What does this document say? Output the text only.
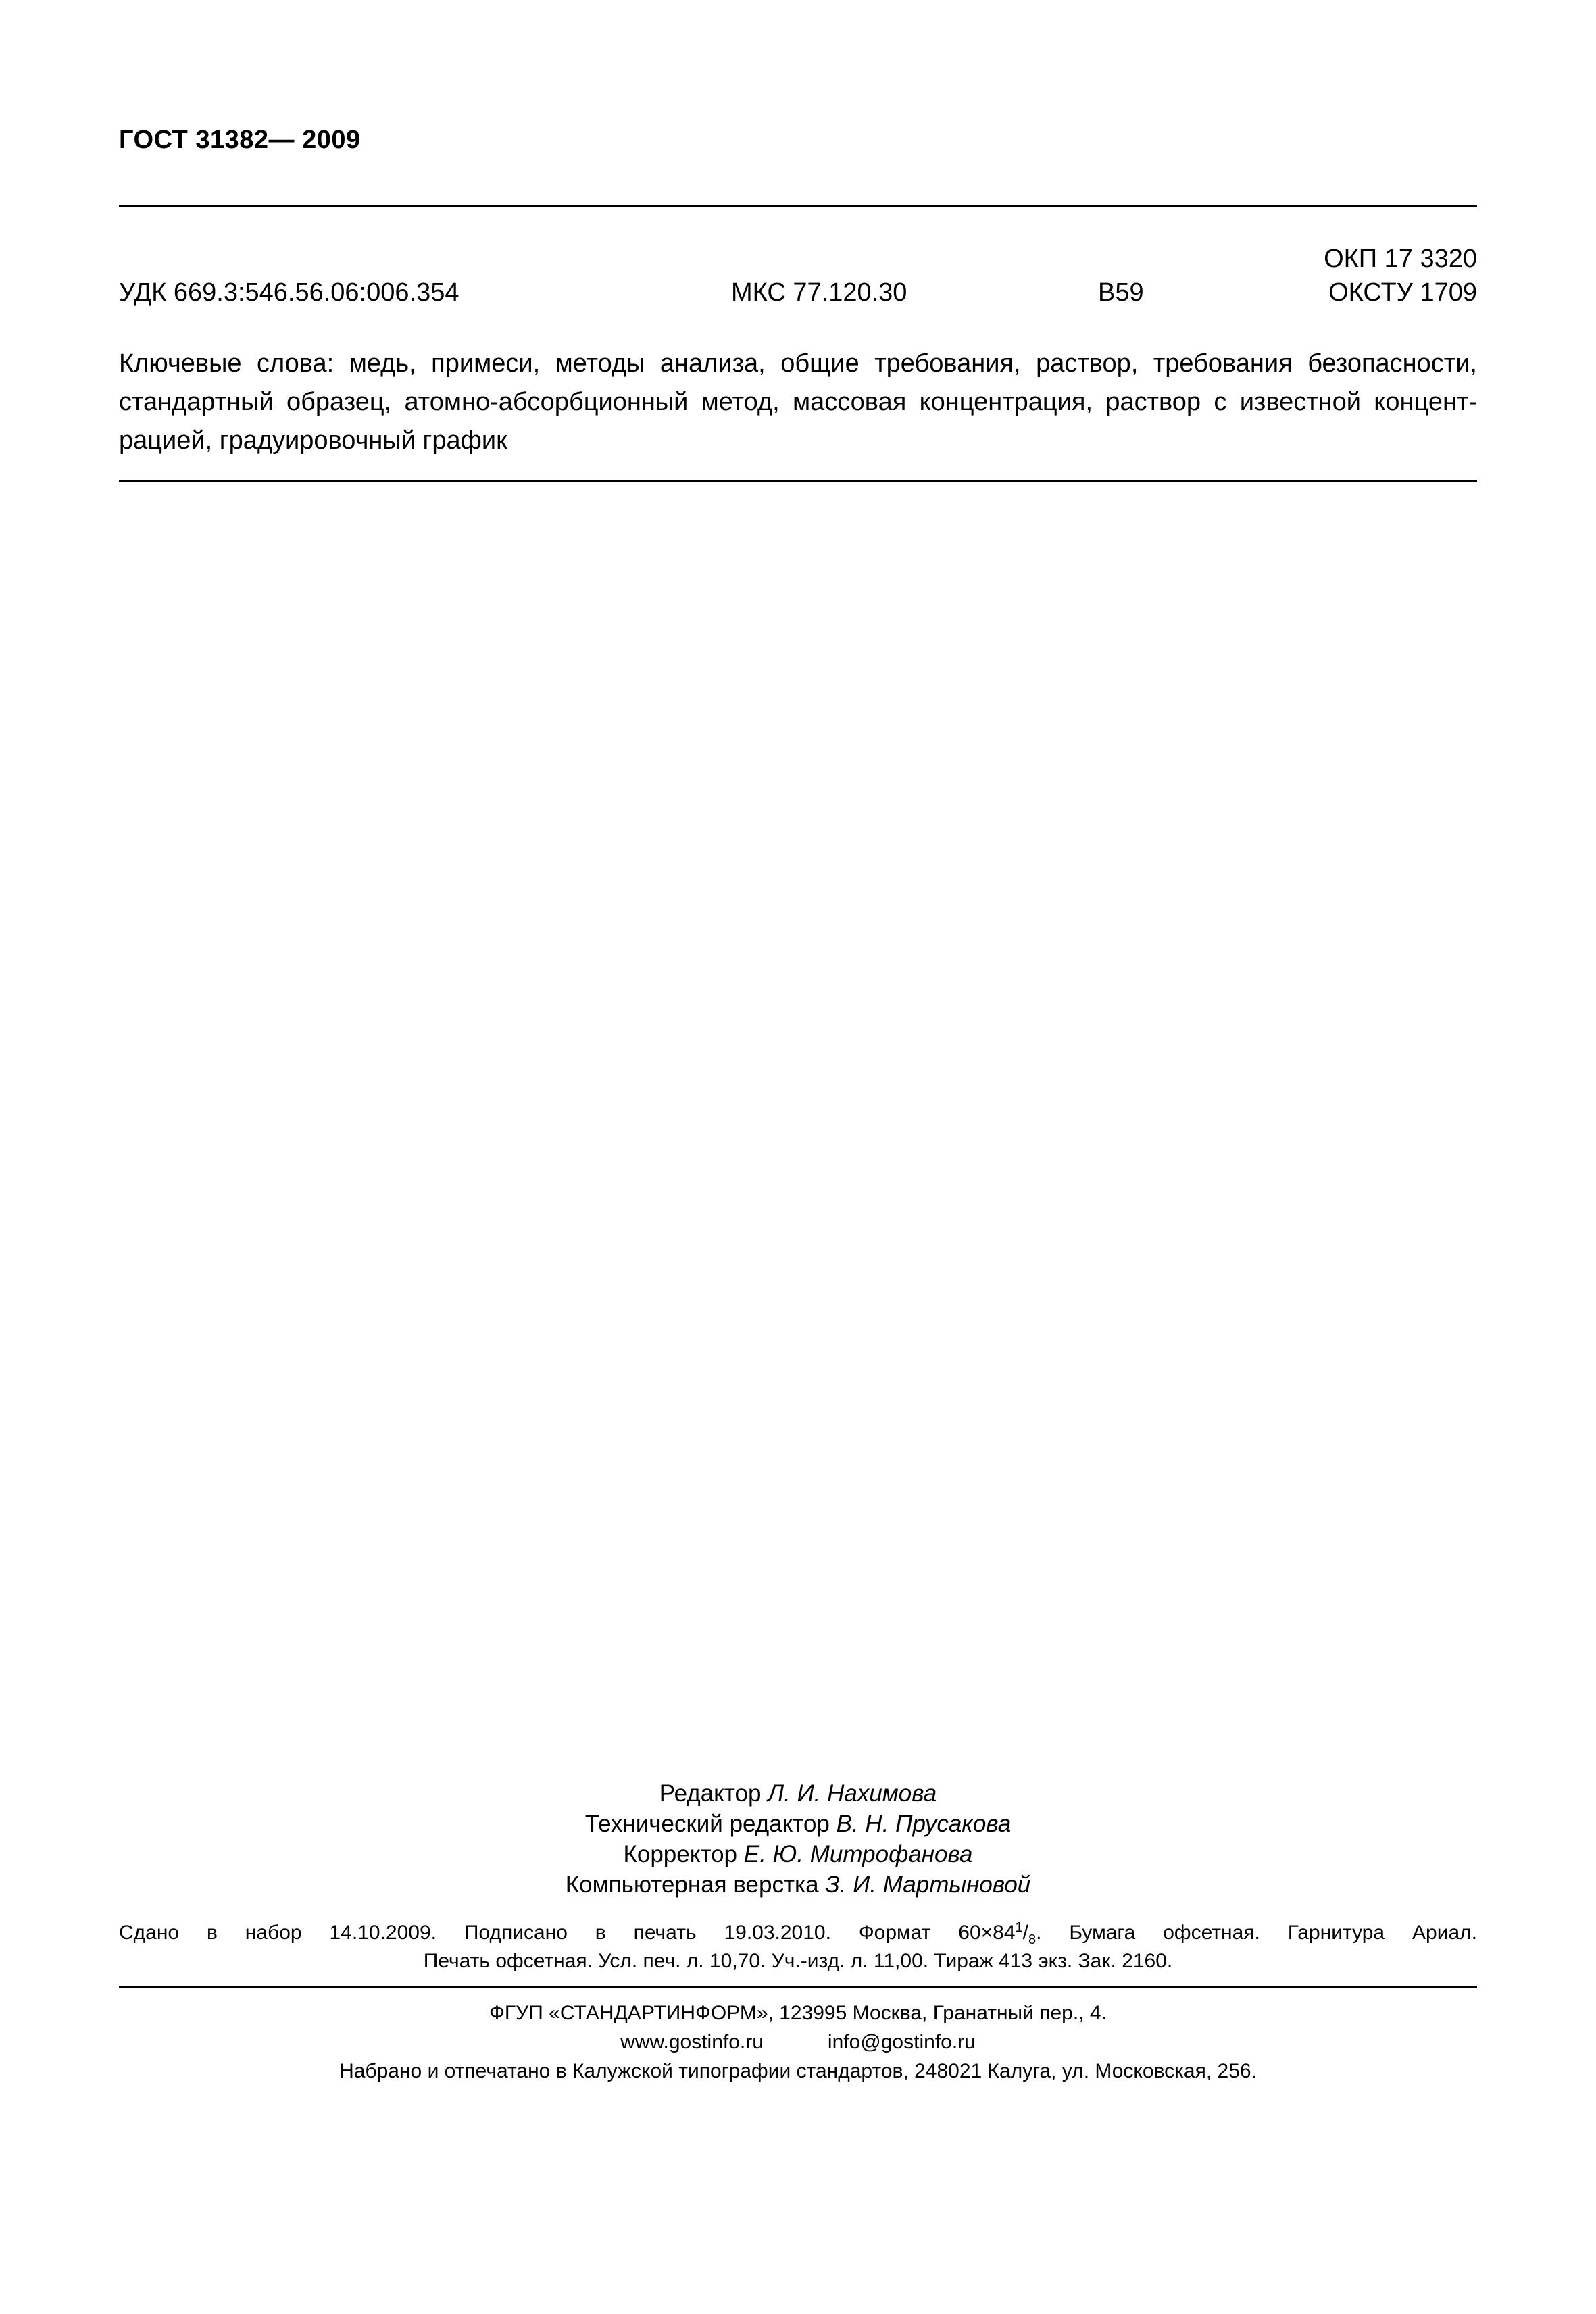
ГОСТ 31382— 2009
ОКП 17 3320
УДК 669.3:546.56.06:006.354	МКС 77.120.30	В59	ОКСТУ 1709
Ключевые слова: медь, примеси, методы анализа, общие требования, раствор, требования безопасности,
стандартный образец, атомно-абсорбционный метод, массовая концентрация, раствор с известной концент-
рацией, градуировочный график
Редактор Л. И. Нахимова
Технический редактор В. Н. Прусакова
Корректор Е. Ю. Митрофанова
Компьютерная верстка З. И. Мартыновой
Сдано в набор 14.10.2009. Подписано в печать 19.03.2010. Формат $60\times 84^1/_8$. Бумага офсетная. Гарнитура Ариал.
Печать офсетная. Усл. печ. л. 10,70. Уч.-изд. л. 11,00. Тираж 413 экз. Зак. 2160.
ФГУП «СТАНДАРТИНФОРМ», 123995 Москва, Гранатный пер., 4.
www.gostinfo.ru	info@gostinfo.ru
Набрано и отпечатано в Калужской типографии стандартов, 248021 Калуга, ул. Московская, 256.
